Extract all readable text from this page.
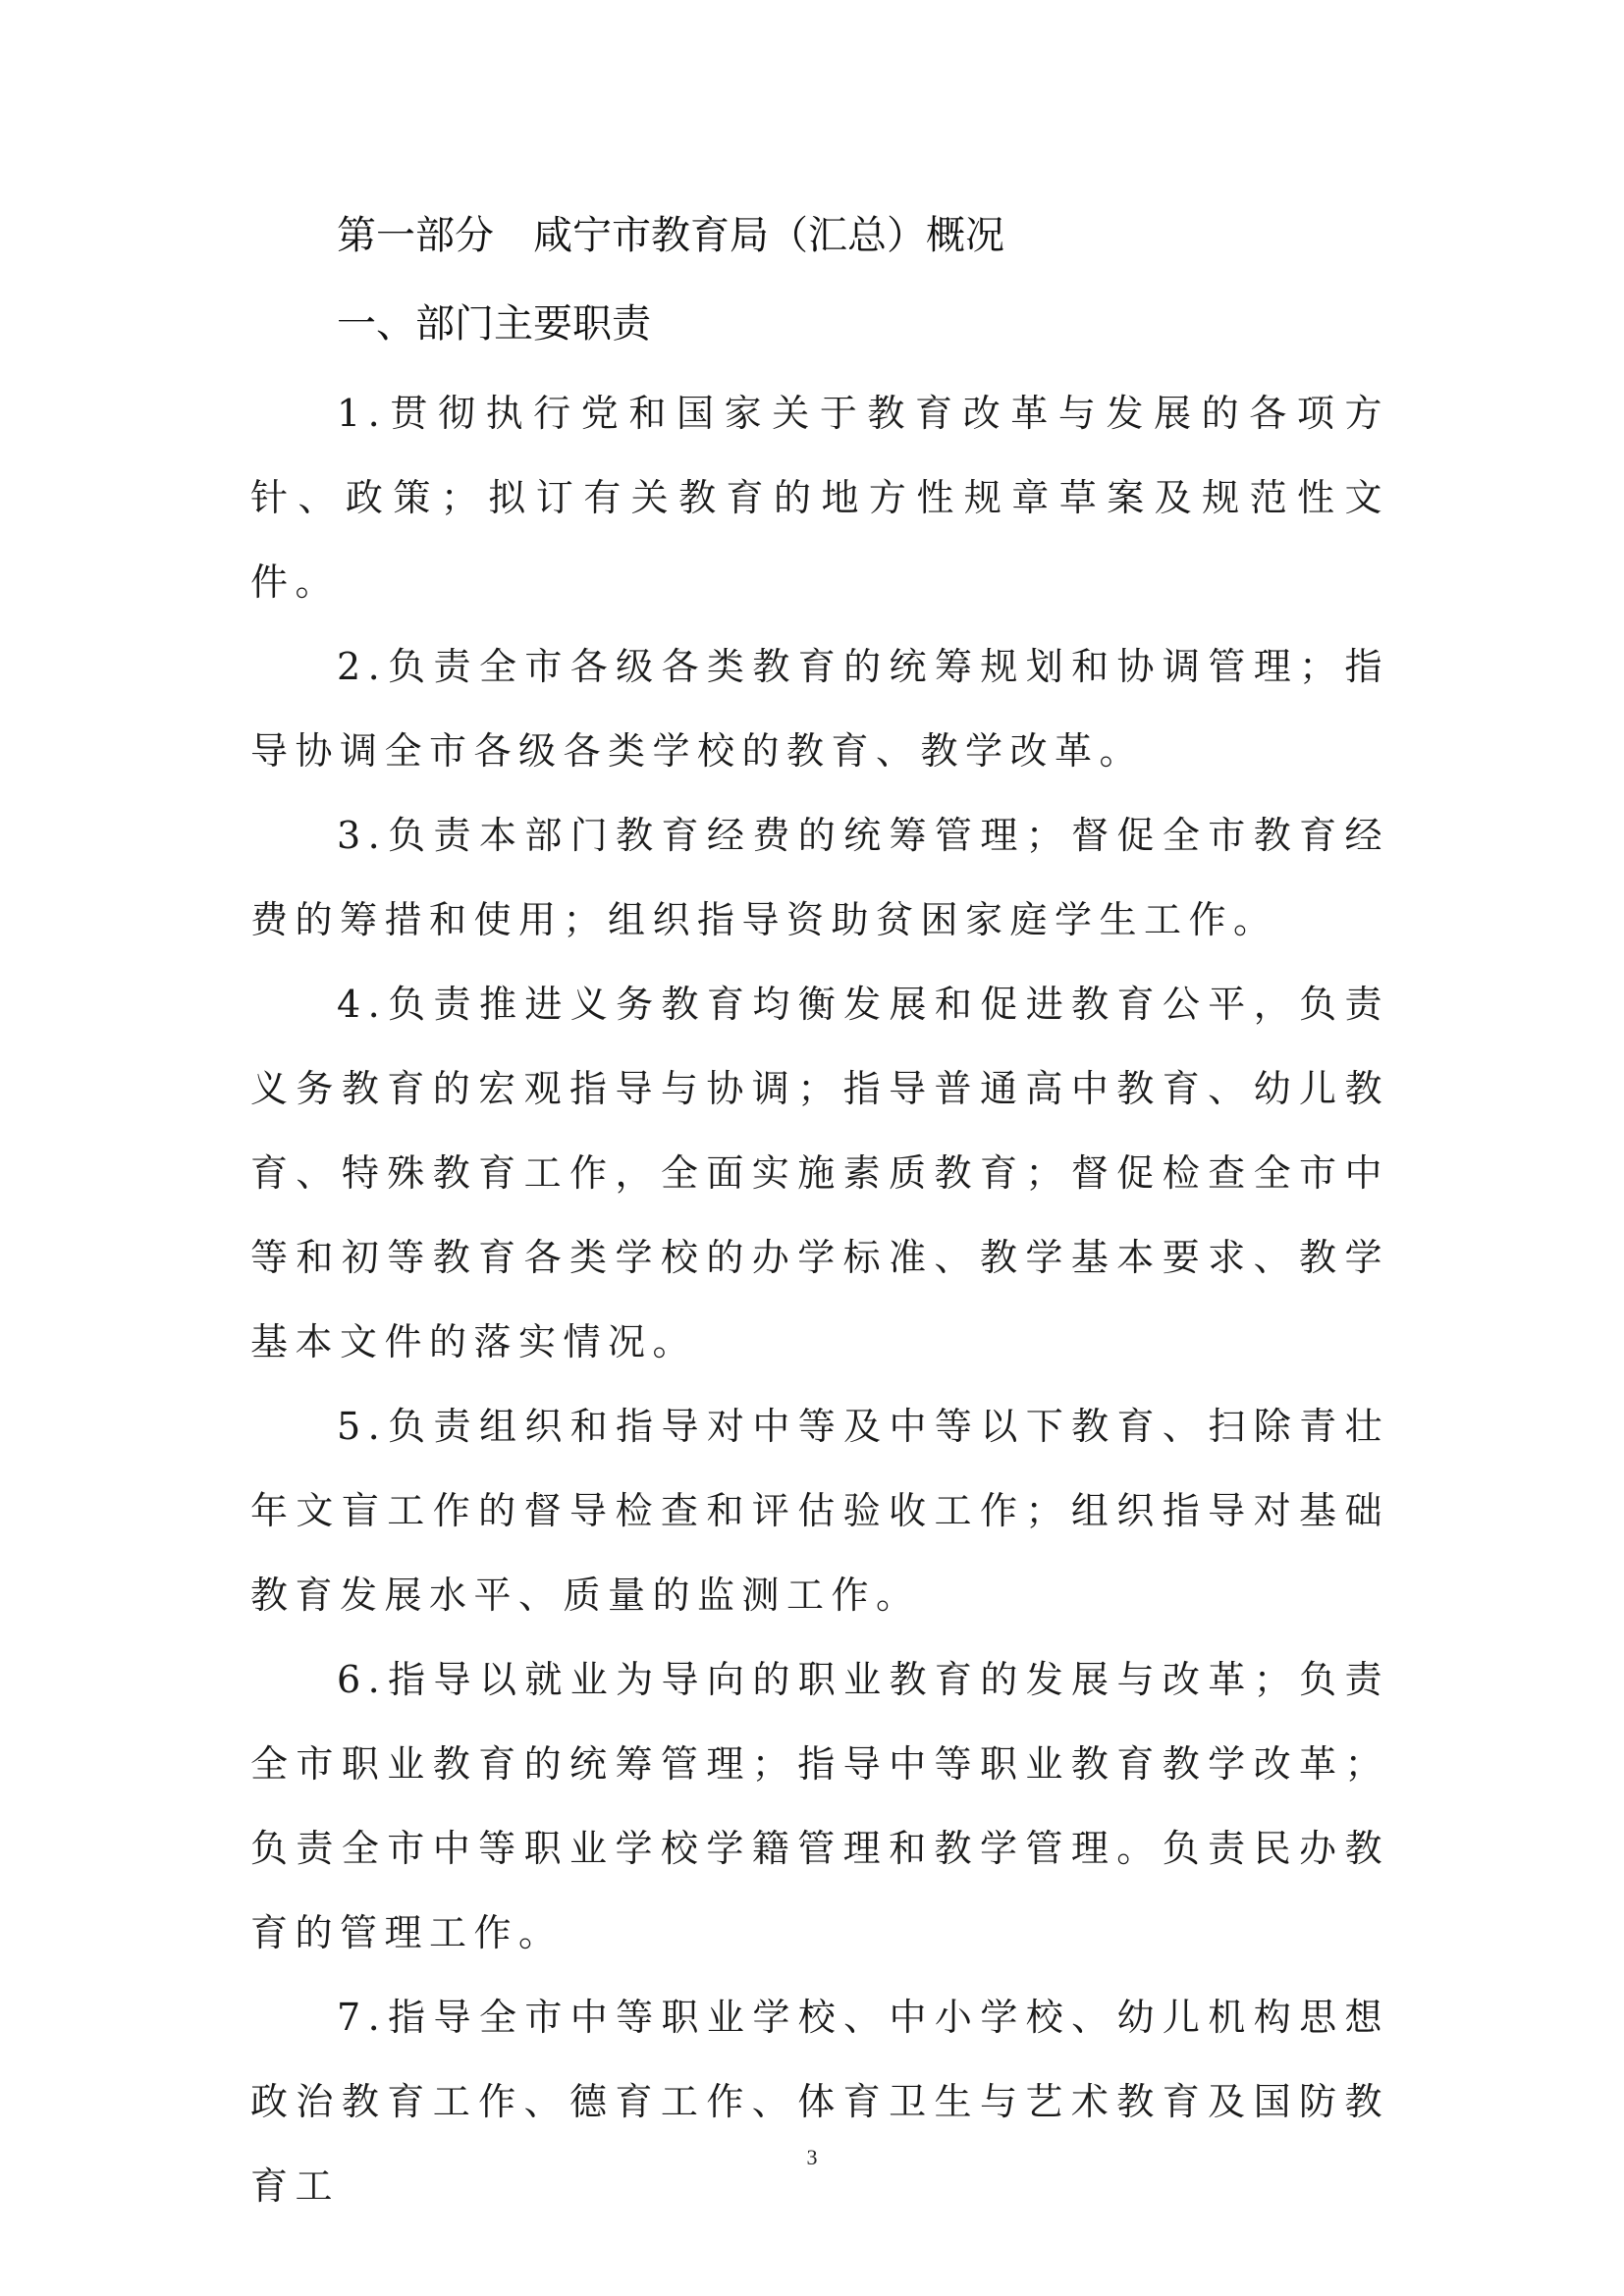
第一部分 咸宁市教育局（汇总）概况
一、部门主要职责

1.贯彻执行党和国家关于教育改革与发展的各项方针、政策；拟订有关教育的地方性规章草案及规范性文件。

2.负责全市各级各类教育的统筹规划和协调管理；指导协调全市各级各类学校的教育、教学改革。

3.负责本部门教育经费的统筹管理；督促全市教育经费的筹措和使用；组织指导资助贫困家庭学生工作。

4.负责推进义务教育均衡发展和促进教育公平，负责义务教育的宏观指导与协调；指导普通高中教育、幼儿教育、特殊教育工作，全面实施素质教育；督促检查全市中等和初等教育各类学校的办学标准、教学基本要求、教学基本文件的落实情况。

5.负责组织和指导对中等及中等以下教育、扫除青壮年文盲工作的督导检查和评估验收工作；组织指导对基础教育发展水平、质量的监测工作。

6.指导以就业为导向的职业教育的发展与改革；负责全市职业教育的统筹管理；指导中等职业教育教学改革；负责全市中等职业学校学籍管理和教学管理。负责民办教育的管理工作。

7.指导全市中等职业学校、中小学校、幼儿机构思想政治教育工作、德育工作、体育卫生与艺术教育及国防教育工

3
